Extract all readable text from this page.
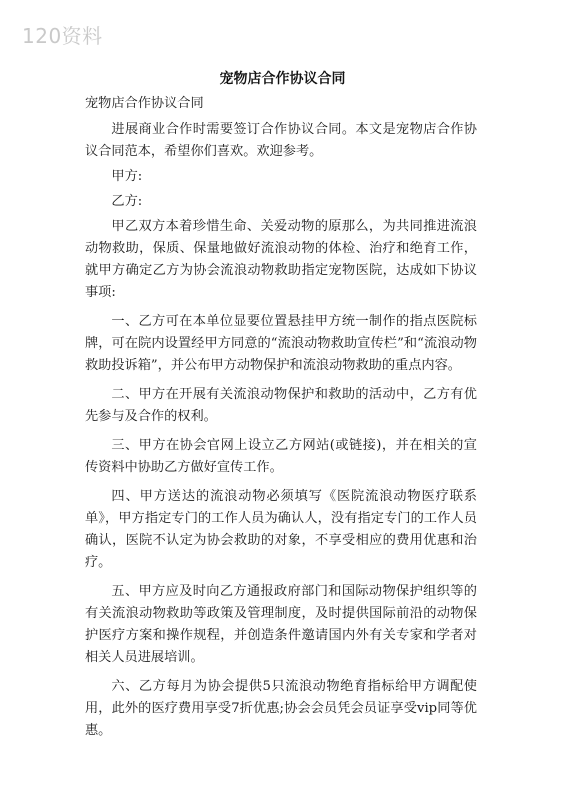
120资料
宠物店合作协议合同

宠物店合作协议合同

进展商业合作时需要签订合作协议合同。本文是宠物店合作协议合同范本，希望你们喜欢。欢迎参考。

甲方:

乙方:

甲乙双方本着珍惜生命、关爱动物的原那么，为共同推进流浪动物救助，保质、保量地做好流浪动物的体检、治疗和绝育工作，就甲方确定乙方为协会流浪动物救助指定宠物医院，达成如下协议事项:

一、乙方可在本单位显要位置悬挂甲方统一制作的指点医院标牌，可在院内设置经甲方同意的“流浪动物救助宣传栏”和“流浪动物救助投诉箱”，并公布甲方动物保护和流浪动物救助的重点内容。

二、甲方在开展有关流浪动物保护和救助的活动中，乙方有优先参与及合作的权利。

三、甲方在协会官网上设立乙方网站(或链接)，并在相关的宣传资料中协助乙方做好宣传工作。

四、甲方送达的流浪动物必须填写《医院流浪动物医疗联系单》，甲方指定专门的工作人员为确认人，没有指定专门的工作人员确认，医院不认定为协会救助的对象，不享受相应的费用优惠和治疗。

五、甲方应及时向乙方通报政府部门和国际动物保护组织等的有关流浪动物救助等政策及管理制度，及时提供国际前沿的动物保护医疗方案和操作规程，并创造条件邀请国内外有关专家和学者对相关人员进展培训。

六、乙方每月为协会提供5只流浪动物绝育指标给甲方调配使用，此外的医疗费用享受7折优惠;协会会员凭会员证享受vip同等优惠。
